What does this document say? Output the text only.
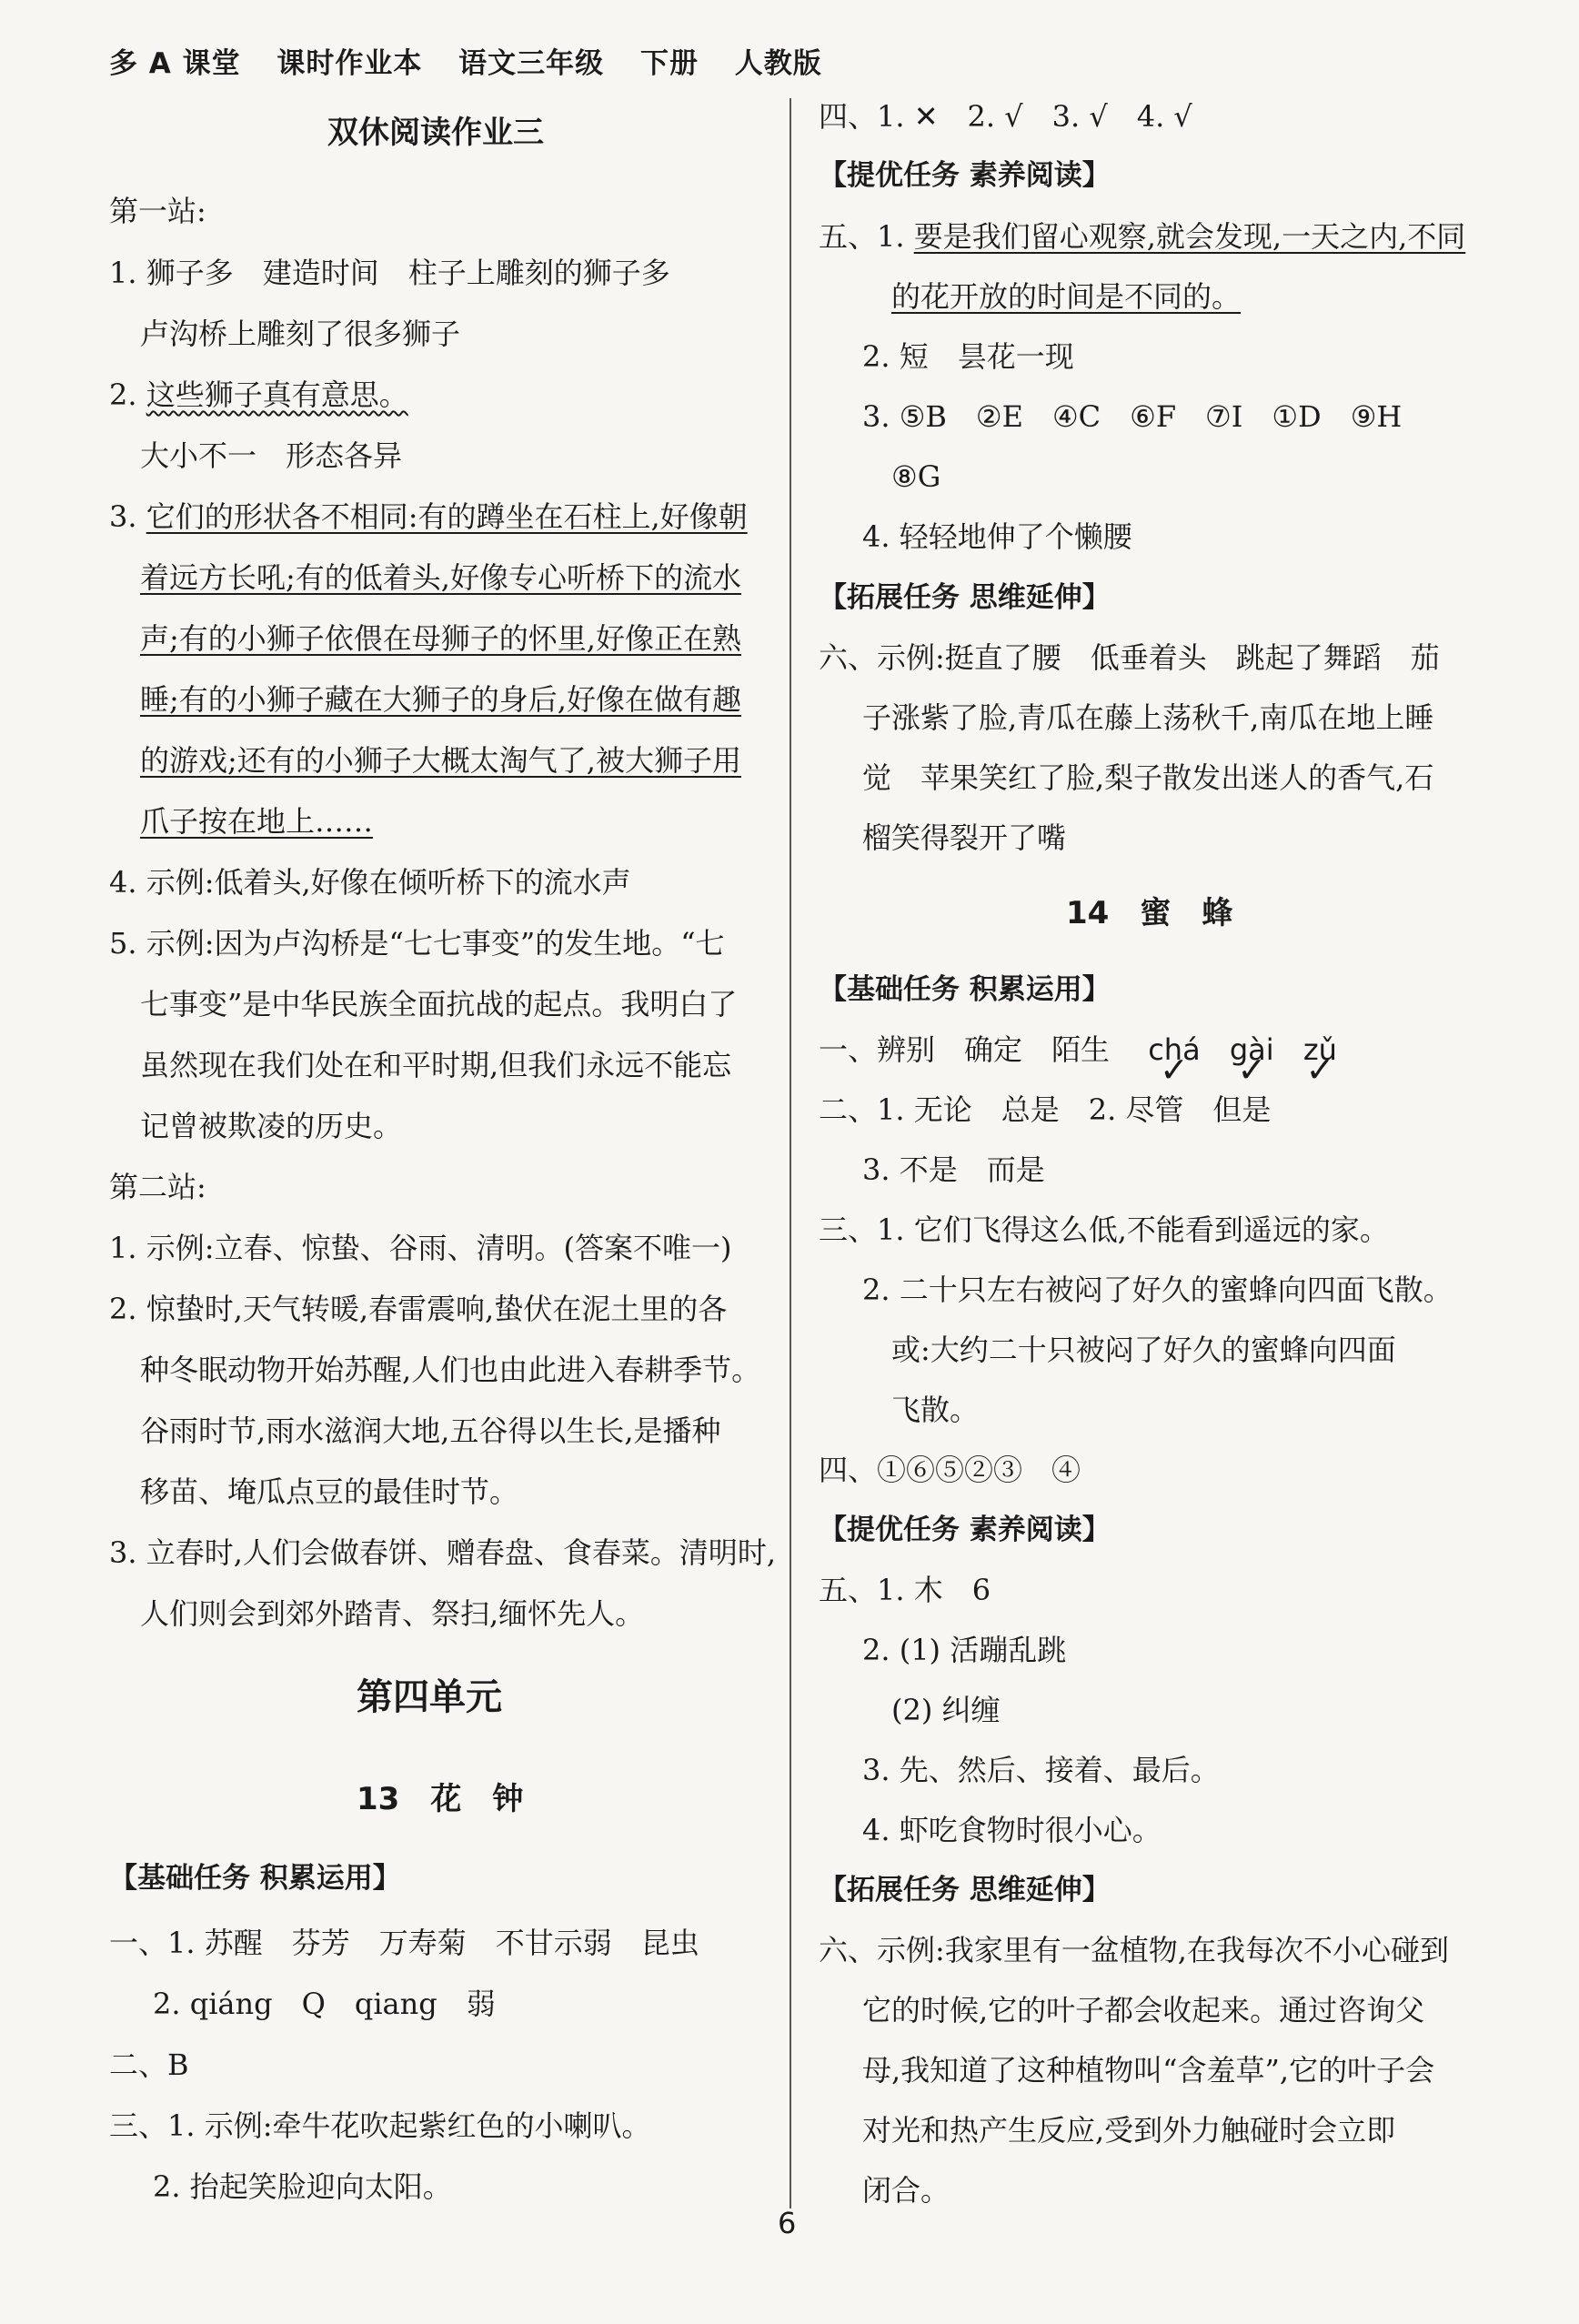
多 A 课堂 课时作业本 语文三年级 下册 人教版
双休阅读作业三
第一站:
1. 狮子多　建造时间　柱子上雕刻的狮子多
卢沟桥上雕刻了很多狮子
2. 这些狮子真有意思。
大小不一　形态各异
3. 它们的形状各不相同:有的蹲坐在石柱上,好像朝
着远方长吼;有的低着头,好像专心听桥下的流水
声;有的小狮子依偎在母狮子的怀里,好像正在熟
睡;有的小狮子藏在大狮子的身后,好像在做有趣
的游戏;还有的小狮子大概太淘气了,被大狮子用
爪子按在地上……
4. 示例:低着头,好像在倾听桥下的流水声
5. 示例:因为卢沟桥是“七七事变”的发生地。“七
七事变”是中华民族全面抗战的起点。我明白了
虽然现在我们处在和平时期,但我们永远不能忘
记曾被欺凌的历史。
第二站:
1. 示例:立春、惊蛰、谷雨、清明。(答案不唯一)
2. 惊蛰时,天气转暖,春雷震响,蛰伏在泥土里的各
种冬眠动物开始苏醒,人们也由此进入春耕季节。
谷雨时节,雨水滋润大地,五谷得以生长,是播种
移苗、埯瓜点豆的最佳时节。
3. 立春时,人们会做春饼、赠春盘、食春菜。清明时,
人们则会到郊外踏青、祭扫,缅怀先人。
第四单元
13　花　钟
【基础任务 积累运用】
一、1. 苏醒　芬芳　万寿菊　不甘示弱　昆虫
2. qiáng　Q　qiang　弱
二、B
三、1. 示例:牵牛花吹起紫红色的小喇叭。
2. 抬起笑脸迎向太阳。
四、1. ✕　2. √　3. √　4. √
【提优任务 素养阅读】
五、1. 要是我们留心观察,就会发现,一天之内,不同
的花开放的时间是不同的。
2. 短　昙花一现
3. ⑤B　②E　④C　⑥F　⑦I　①D　⑨H
⑧G
4. 轻轻地伸了个懒腰
【拓展任务 思维延伸】
六、示例:挺直了腰　低垂着头　跳起了舞蹈　茄
子涨紫了脸,青瓜在藤上荡秋千,南瓜在地上睡
觉　苹果笑红了脸,梨子散发出迷人的香气,石
榴笑得裂开了嘴
14　蜜　蜂
【基础任务 积累运用】
一、辨别　确定　陌生　 chá ✓ gài ✓ zǔ ✓
二、1. 无论　总是　2. 尽管　但是
3. 不是　而是
三、1. 它们飞得这么低,不能看到遥远的家。
2. 二十只左右被闷了好久的蜜蜂向四面飞散。
或:大约二十只被闷了好久的蜜蜂向四面
飞散。
四、①⑥⑤②③　④
【提优任务 素养阅读】
五、1. 木　6
2. (1) 活蹦乱跳
(2) 纠缠
3. 先、然后、接着、最后。
4. 虾吃食物时很小心。
【拓展任务 思维延伸】
六、示例:我家里有一盆植物,在我每次不小心碰到
它的时候,它的叶子都会收起来。通过咨询父
母,我知道了这种植物叫“含羞草”,它的叶子会
对光和热产生反应,受到外力触碰时会立即
闭合。
6
